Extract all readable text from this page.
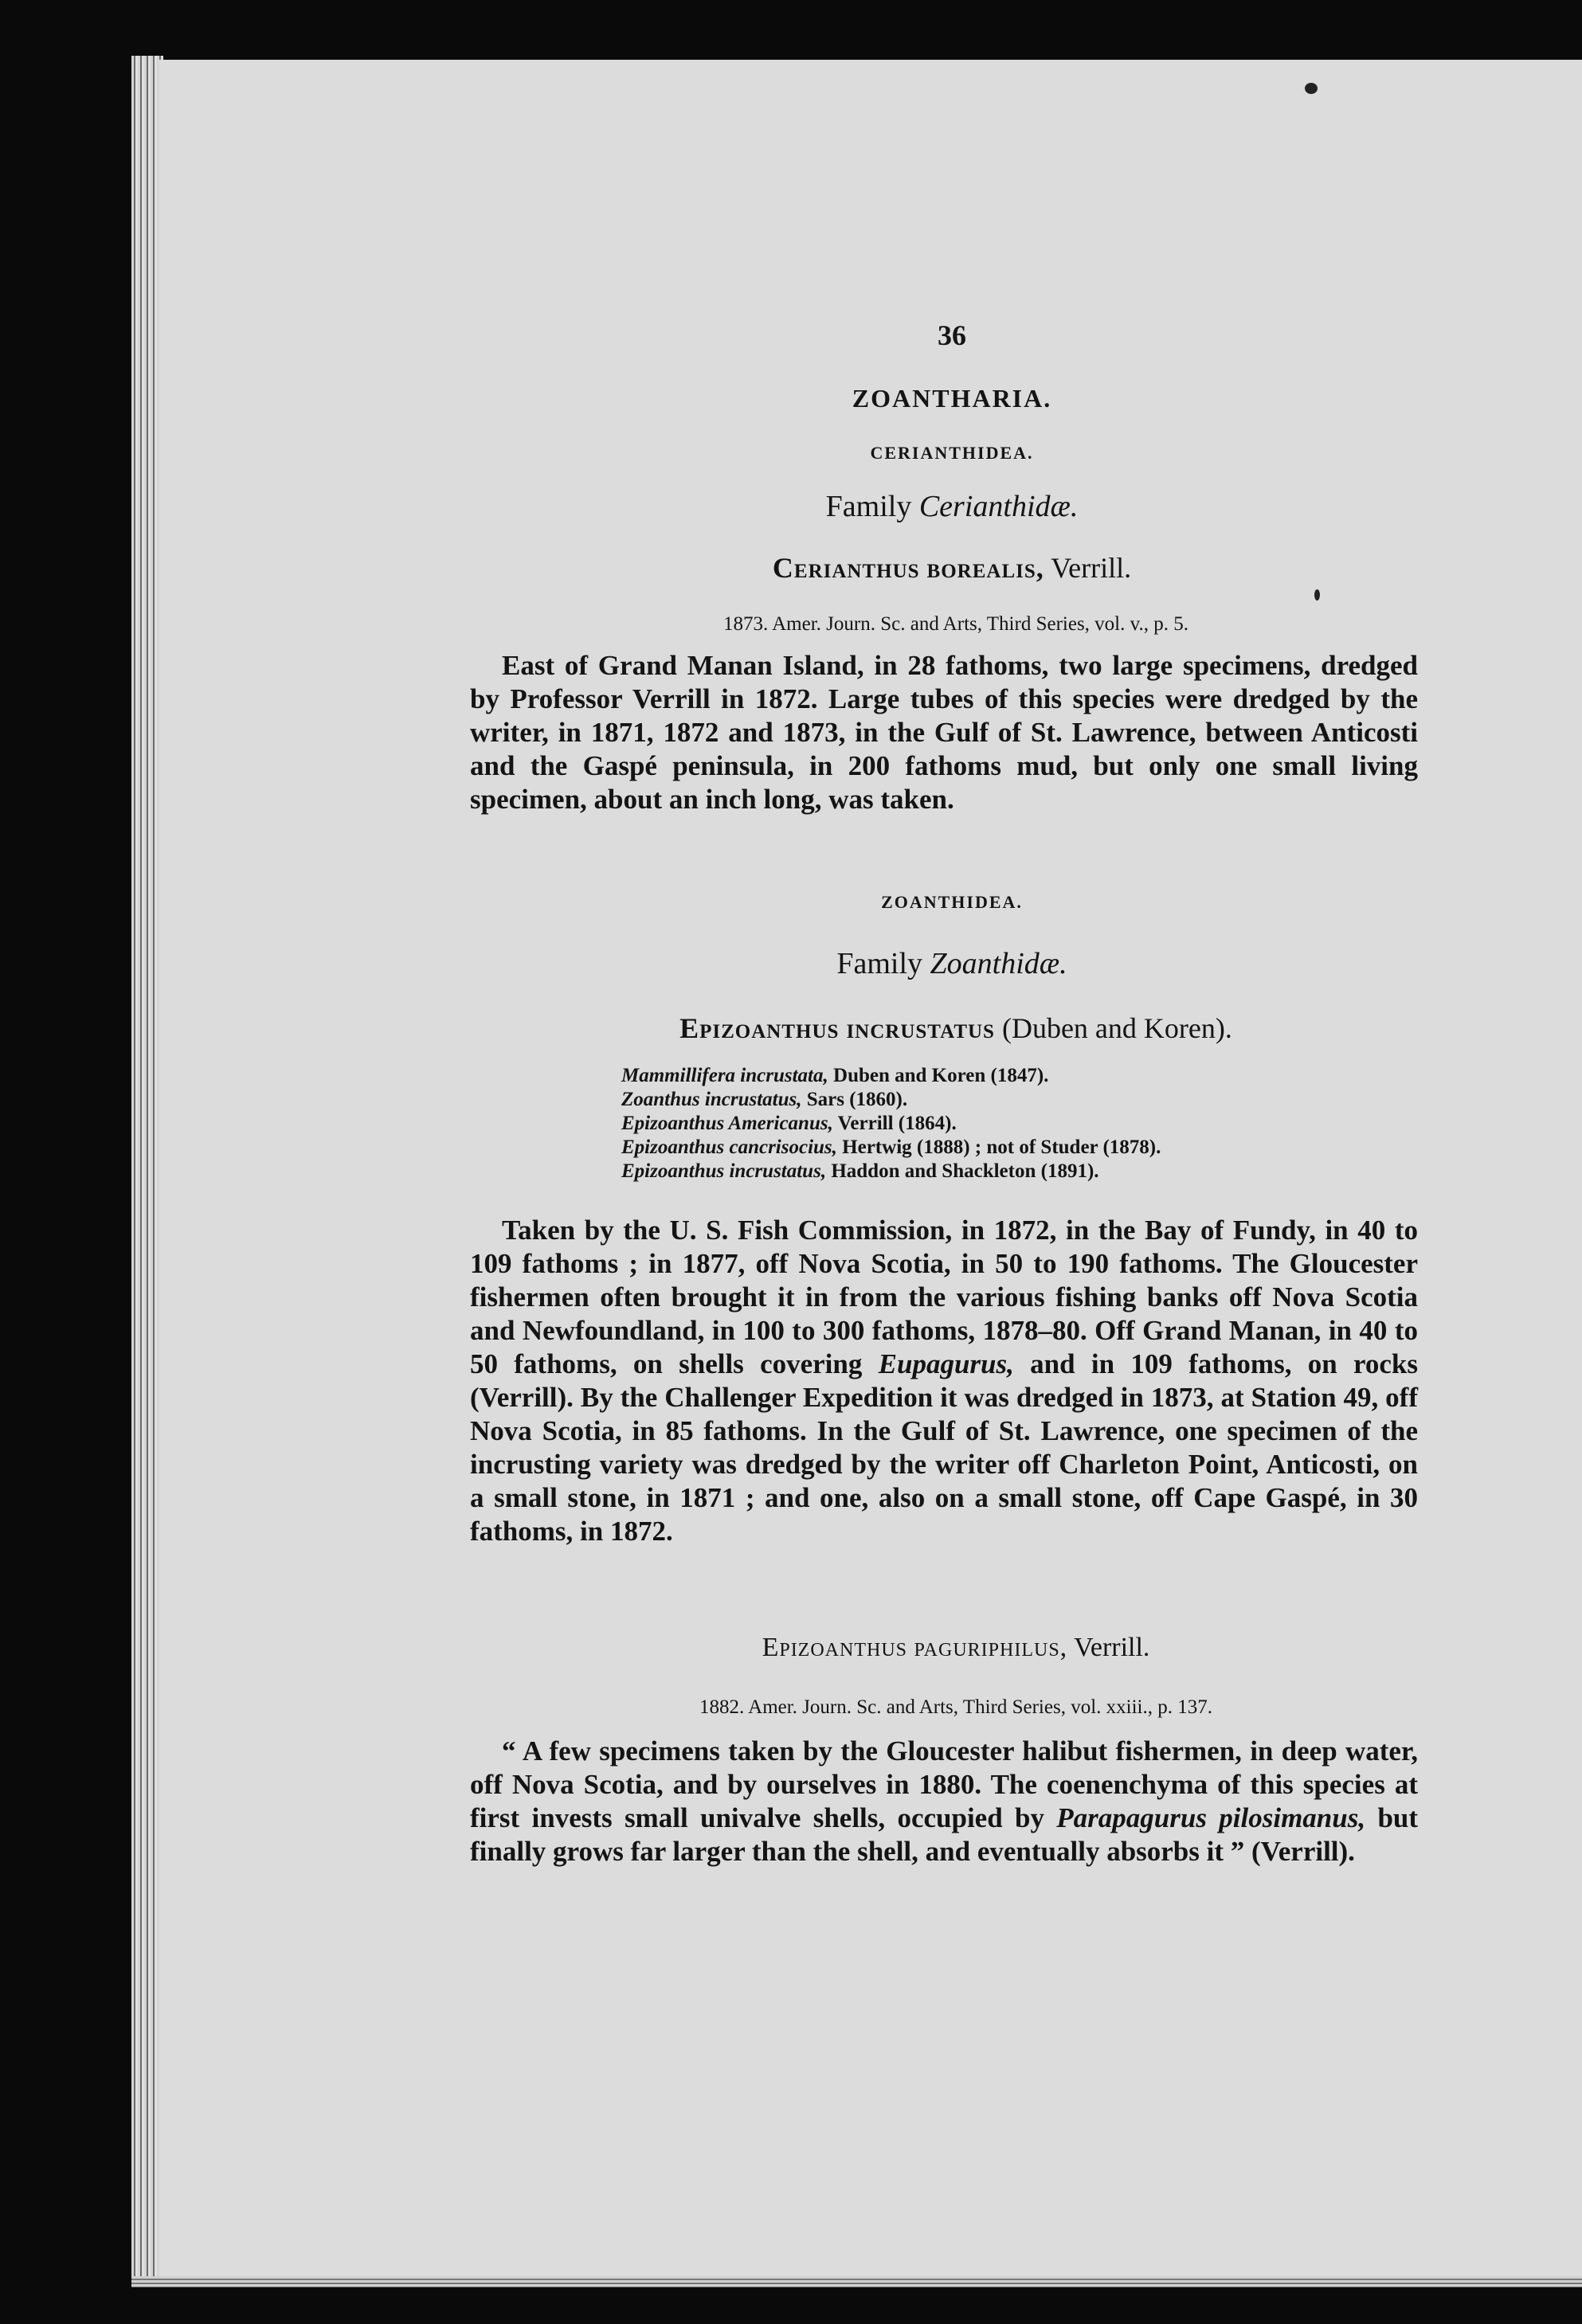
36
ZOANTHARIA.
CERIANTHIDEA.
Family Cerianthidæ.
Cerianthus borealis, Verrill.
1873. Amer. Journ. Sc. and Arts, Third Series, vol. v., p. 5.
East of Grand Manan Island, in 28 fathoms, two large specimens, dredged by Professor Verrill in 1872. Large tubes of this species were dredged by the writer, in 1871, 1872 and 1873, in the Gulf of St. Lawrence, between Anticosti and the Gaspé peninsula, in 200 fathoms mud, but only one small living specimen, about an inch long, was taken.
ZOANTHIDEA.
Family Zoanthidæ.
Epizoanthus incrustatus (Duben and Koren).
Mammillifera incrustata, Duben and Koren (1847).
Zoanthus incrustatus, Sars (1860).
Epizoanthus Americanus, Verrill (1864).
Epizoanthus cancrisocius, Hertwig (1888) ; not of Studer (1878).
Epizoanthus incrustatus, Haddon and Shackleton (1891).
Taken by the U. S. Fish Commission, in 1872, in the Bay of Fundy, in 40 to 109 fathoms ; in 1877, off Nova Scotia, in 50 to 190 fathoms. The Gloucester fishermen often brought it in from the various fishing banks off Nova Scotia and Newfoundland, in 100 to 300 fathoms, 1878–80. Off Grand Manan, in 40 to 50 fathoms, on shells covering Eupagurus, and in 109 fathoms, on rocks (Verrill). By the Challenger Expedition it was dredged in 1873, at Station 49, off Nova Scotia, in 85 fathoms. In the Gulf of St. Lawrence, one specimen of the incrusting variety was dredged by the writer off Charleton Point, Anticosti, on a small stone, in 1871 ; and one, also on a small stone, off Cape Gaspé, in 30 fathoms, in 1872.
Epizoanthus paguriphilus, Verrill.
1882. Amer. Journ. Sc. and Arts, Third Series, vol. xxiii., p. 137.
“ A few specimens taken by the Gloucester halibut fishermen, in deep water, off Nova Scotia, and by ourselves in 1880. The coenenchyma of this species at first invests small univalve shells, occupied by Parapagurus pilosimanus, but finally grows far larger than the shell, and eventually absorbs it ” (Verrill).
